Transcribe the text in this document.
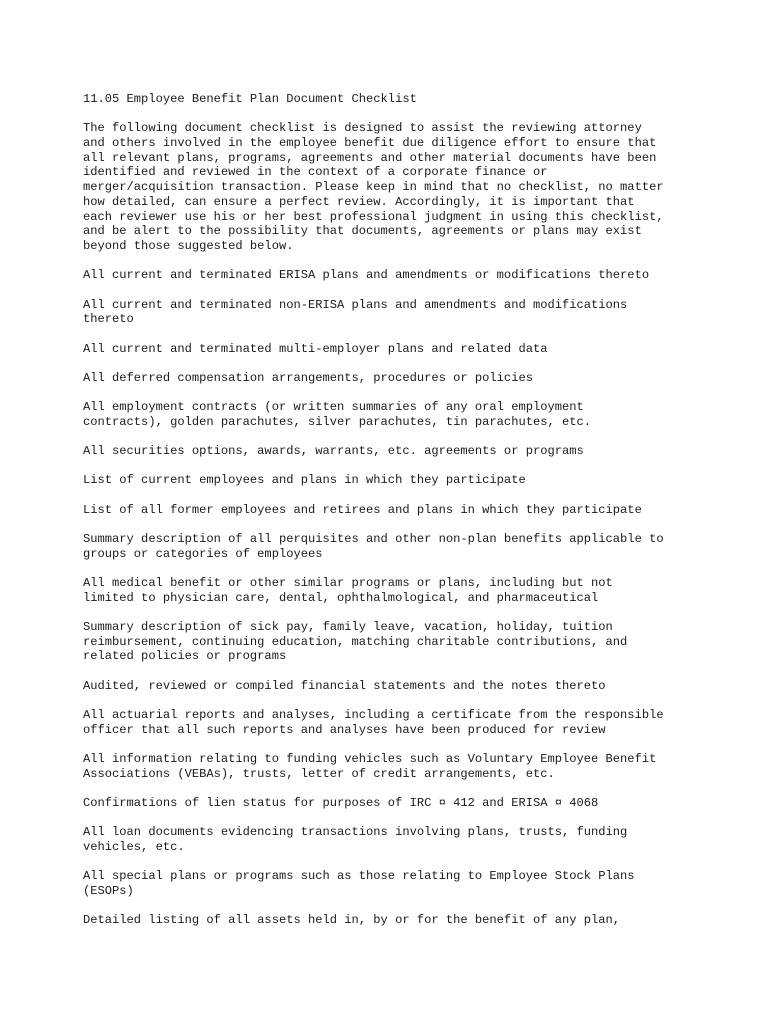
11.05 Employee Benefit Plan Document Checklist
The following document checklist is designed to assist the reviewing attorney
and others involved in the employee benefit due diligence effort to ensure that
all relevant plans, programs, agreements and other material documents have been
identified and reviewed in the context of a corporate finance or
merger/acquisition transaction. Please keep in mind that no checklist, no matter
how detailed, can ensure a perfect review. Accordingly, it is important that
each reviewer use his or her best professional judgment in using this checklist,
and be alert to the possibility that documents, agreements or plans may exist
beyond those suggested below.
All current and terminated ERISA plans and amendments or modifications thereto
All current and terminated non-ERISA plans and amendments and modifications
thereto
All current and terminated multi-employer plans and related data
All deferred compensation arrangements, procedures or policies
All employment contracts (or written summaries of any oral employment
contracts), golden parachutes, silver parachutes, tin parachutes, etc.
All securities options, awards, warrants, etc. agreements or programs
List of current employees and plans in which they participate
List of all former employees and retirees and plans in which they participate
Summary description of all perquisites and other non-plan benefits applicable to
groups or categories of employees
All medical benefit or other similar programs or plans, including but not
limited to physician care, dental, ophthalmological, and pharmaceutical
Summary description of sick pay, family leave, vacation, holiday, tuition
reimbursement, continuing education, matching charitable contributions, and
related policies or programs
Audited, reviewed or compiled financial statements and the notes thereto
All actuarial reports and analyses, including a certificate from the responsible
officer that all such reports and analyses have been produced for review
All information relating to funding vehicles such as Voluntary Employee Benefit
Associations (VEBAs), trusts, letter of credit arrangements, etc.
Confirmations of lien status for purposes of IRC ¤ 412 and ERISA ¤ 4068
All loan documents evidencing transactions involving plans, trusts, funding
vehicles, etc.
All special plans or programs such as those relating to Employee Stock Plans
(ESOPs)
Detailed listing of all assets held in, by or for the benefit of any plan,
